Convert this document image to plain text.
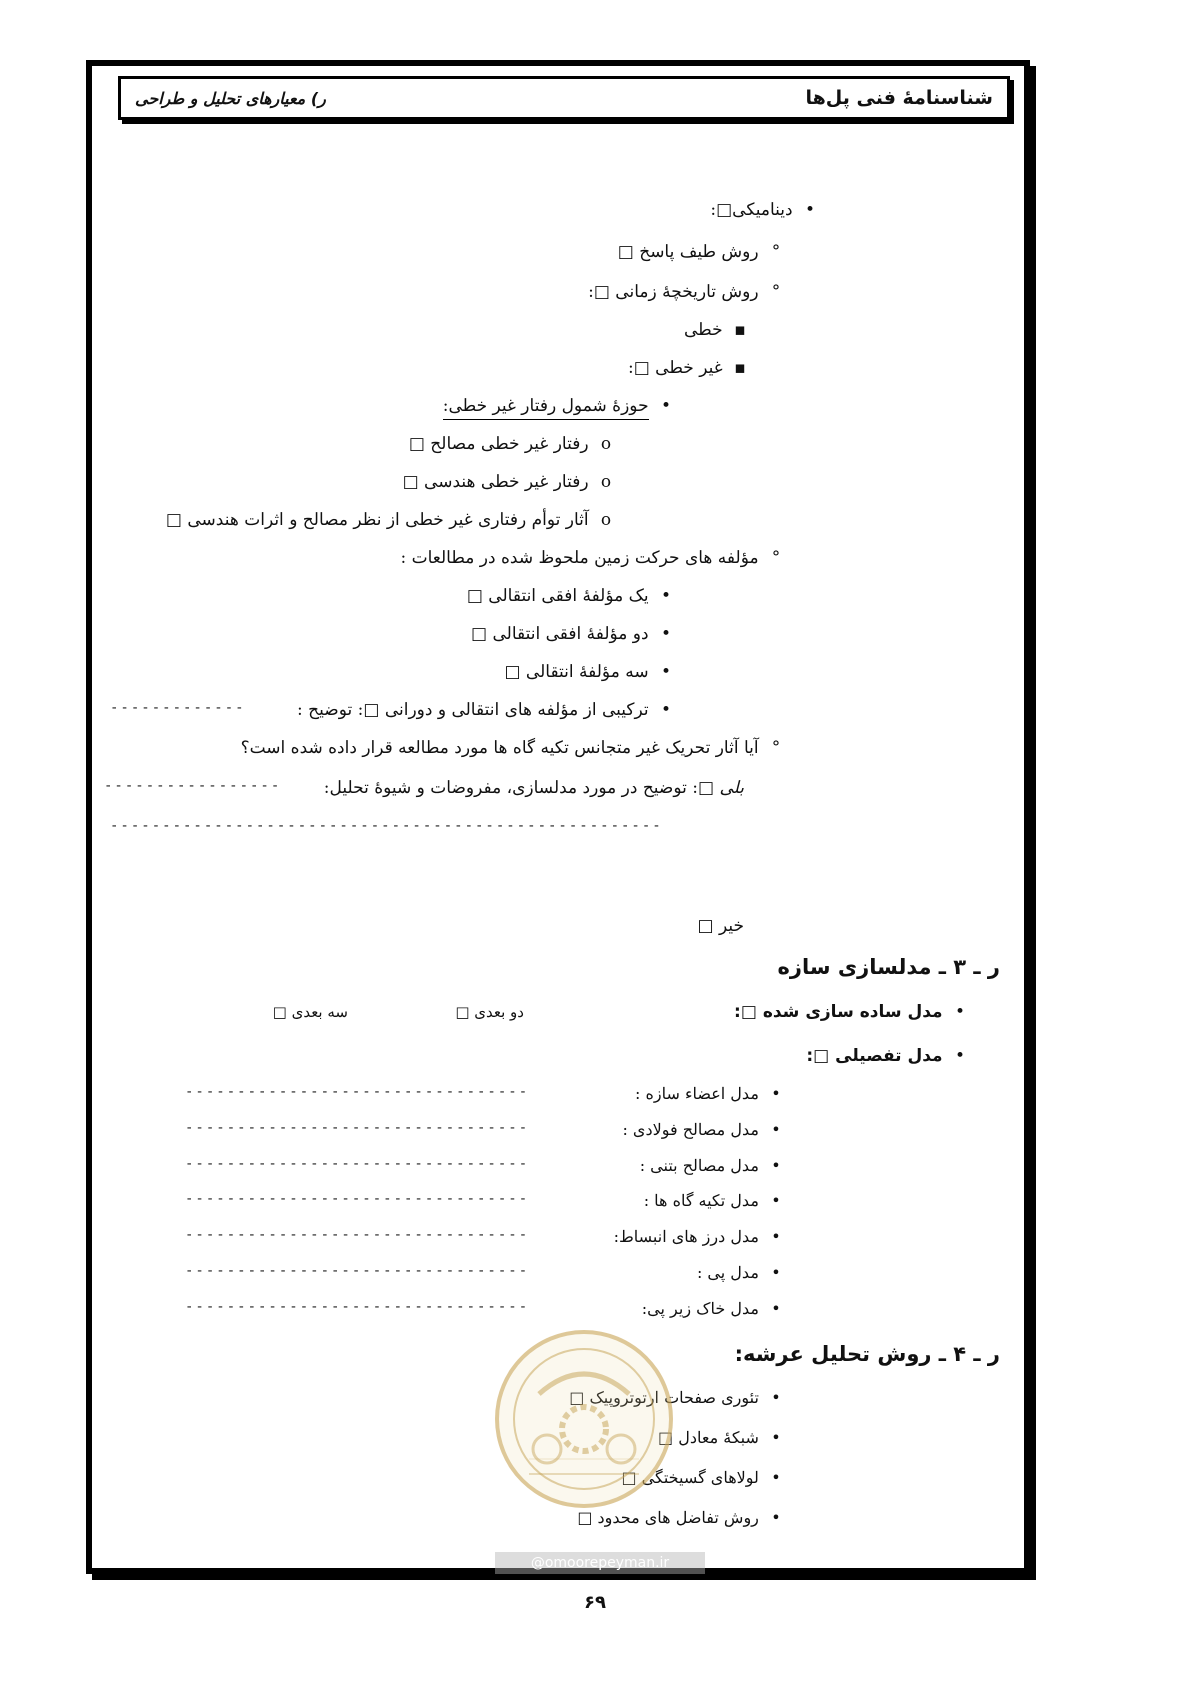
شناسنامهٔ فنی پل‌ها
ر) معیارهای تحلیل و طراحی
• دینامیکی□:
° روش طیف پاسخ □
° روش تاریخچهٔ زمانی □:
▪ خطی
▪ غیر خطی □:
• حوزهٔ شمول رفتار غیر خطی:
o رفتار غیر خطی مصالح □
o رفتار غیر خطی هندسی □
o آثار توأم رفتاری غیر خطی از نظر مصالح و اثرات هندسی □
° مؤلفه های حرکت زمین ملحوظ شده در مطالعات :
• یک مؤلفهٔ افقی انتقالی □
• دو مؤلفهٔ افقی انتقالی □
• سه مؤلفهٔ انتقالی □
• ترکیبی از مؤلفه های انتقالی و دورانی □: توضیح :
-------------
° آیا آثار تحریک غیر متجانس تکیه گاه ها مورد مطالعه قرار داده شده است؟
بلی □: توضیح در مورد مدلسازی، مفروضات و شیوهٔ تحلیل:
-----------------
-----------------------------------------------------
خیر □
ر ـ ۳ ـ مدلسازی سازه
• مدل ساده سازی شده □:
دو بعدی □
سه بعدی □
• مدل تفصیلی □:
• مدل اعضاء سازه :
---------------------------------
• مدل مصالح فولادی :
---------------------------------
• مدل مصالح بتنی :
---------------------------------
• مدل تکیه گاه ها :
---------------------------------
• مدل درز های انبساط:
---------------------------------
• مدل پی :
---------------------------------
• مدل خاک زیر پی:
---------------------------------
ر ـ ۴ ـ روش تحلیل عرشه:
• تئوری صفحات ارتوتروپیک □
• شبکهٔ معادل □
• لولاهای گسیختگی □
• روش تفاضل های محدود □
@omoorepeyman.ir
۶۹
